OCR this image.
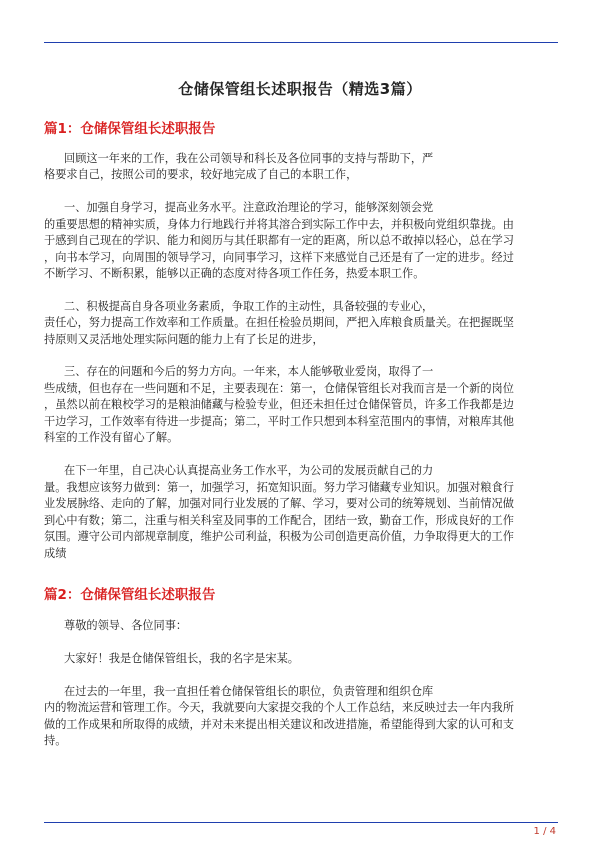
仓储保管组长述职报告（精选3篇）
篇1：仓储保管组长述职报告
回顾这一年来的工作，我在公司领导和科长及各位同事的支持与帮助下，严
格要求自己，按照公司的要求，较好地完成了自己的本职工作，
一、加强自身学习，提高业务水平。注意政治理论的学习，能够深刻领会党
的重要思想的精神实质，身体力行地践行并将其溶合到实际工作中去，并积极向党组织靠拢。由
于感到自己现在的学识、能力和阅历与其任职都有一定的距离，所以总不敢掉以轻心，总在学习
，向书本学习，向周围的领导学习，向同事学习，这样下来感觉自己还是有了一定的进步。经过
不断学习、不断积累，能够以正确的态度对待各项工作任务，热爱本职工作。
二、积极提高自身各项业务素质，争取工作的主动性，具备较强的专业心，
责任心，努力提高工作效率和工作质量。在担任检验员期间，严把入库粮食质量关。在把握既坚
持原则又灵活地处理实际问题的能力上有了长足的进步，
三、存在的问题和今后的努力方向。一年来，本人能够敬业爱岗，取得了一
些成绩，但也存在一些问题和不足，主要表现在：第一，仓储保管组长对我而言是一个新的岗位
，虽然以前在粮校学习的是粮油储藏与检验专业，但还未担任过仓储保管员，许多工作我都是边
干边学习，工作效率有待进一步提高；第二，平时工作只想到本科室范围内的事情，对粮库其他
科室的工作没有留心了解。
在下一年里，自己决心认真提高业务工作水平，为公司的发展贡献自己的力
量。我想应该努力做到：第一，加强学习，拓宽知识面。努力学习储藏专业知识。加强对粮食行
业发展脉络、走向的了解，加强对同行业发展的了解、学习，要对公司的统筹规划、当前情况做
到心中有数；第二，注重与相关科室及同事的工作配合，团结一致，勤奋工作，形成良好的工作
氛围。遵守公司内部规章制度，维护公司利益，积极为公司创造更高价值，力争取得更大的工作
成绩
篇2：仓储保管组长述职报告
尊敬的领导、各位同事：
大家好！我是仓储保管组长，我的名字是宋某。
在过去的一年里，我一直担任着仓储保管组长的职位，负责管理和组织仓库
内的物流运营和管理工作。今天，我就要向大家提交我的个人工作总结，来反映过去一年内我所
做的工作成果和所取得的成绩，并对未来提出相关建议和改进措施，希望能得到大家的认可和支
持。
1 / 4
